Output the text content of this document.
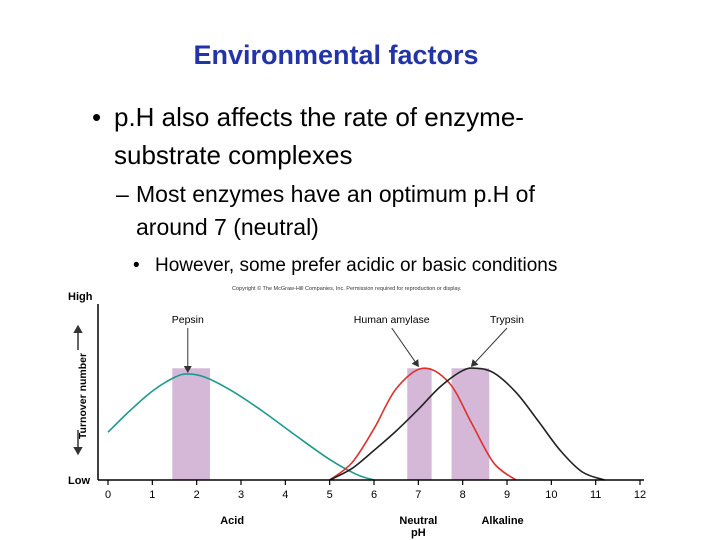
Environmental factors
• p.H also affects the rate of enzyme-substrate complexes
– Most enzymes have an optimum p.H of around 7 (neutral)
• However, some prefer acidic or basic conditions
Copyright © The McGraw-Hill Companies, Inc. Permission required for reproduction or display.
0	1	2	3	4	5	6	7	8	9	10	11	12
High
Low
Turnover number
Acid	Neutral
pH
Alkaline
Pepsin	Human amylase	Trypsin
